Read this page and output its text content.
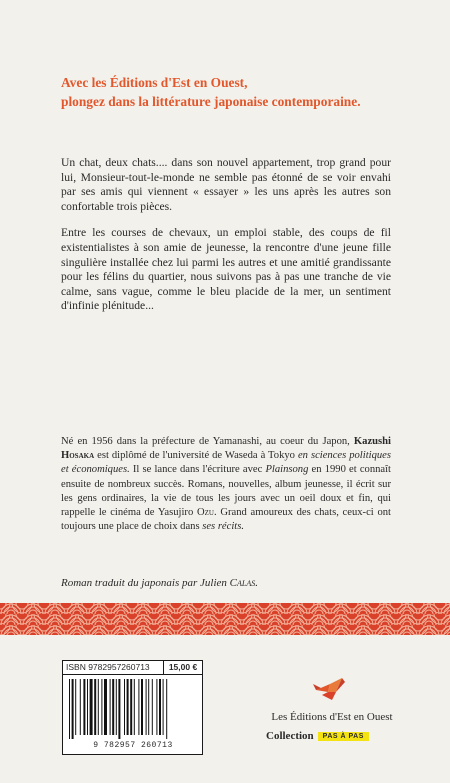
Avec les Éditions d'Est en Ouest,
plongez dans la littérature japonaise contemporaine.

Un chat, deux chats.... dans son nouvel appartement, trop grand pour lui, Monsieur-tout-le-monde ne semble pas étonné de se voir envahi par ses amis qui viennent « essayer » les uns après les autres son confortable trois pièces.

Entre les courses de chevaux, un emploi stable, des coups de fil existentialistes à son amie de jeunesse, la rencontre d'une jeune fille singulière installée chez lui parmi les autres et une amitié grandissante pour les félins du quartier, nous suivons pas à pas une tranche de vie calme, sans vague, comme le bleu placide de la mer, un sentiment d'infinie plénitude...

Né en 1956 dans la préfecture de Yamanashi, au coeur du Japon, Kazushi Hosaka est diplômé de l'université de Waseda à Tokyo en sciences politiques et économiques. Il se lance dans l'écriture avec Plainsong en 1990 et connaît ensuite de nombreux succès. Romans, nouvelles, album jeunesse, il écrit sur les gens ordinaires, la vie de tous les jours avec un oeil doux et fin, qui rappelle le cinéma de Yasujiro Ozu. Grand amoureux des chats, ceux-ci ont toujours une place de choix dans ses récits.

Roman traduit du japonais par Julien Calas.
ISBN 9782957260713	15,00 €
9 782957 260713
Les Éditions d'Est en Ouest
Collection	PAS À PAS
